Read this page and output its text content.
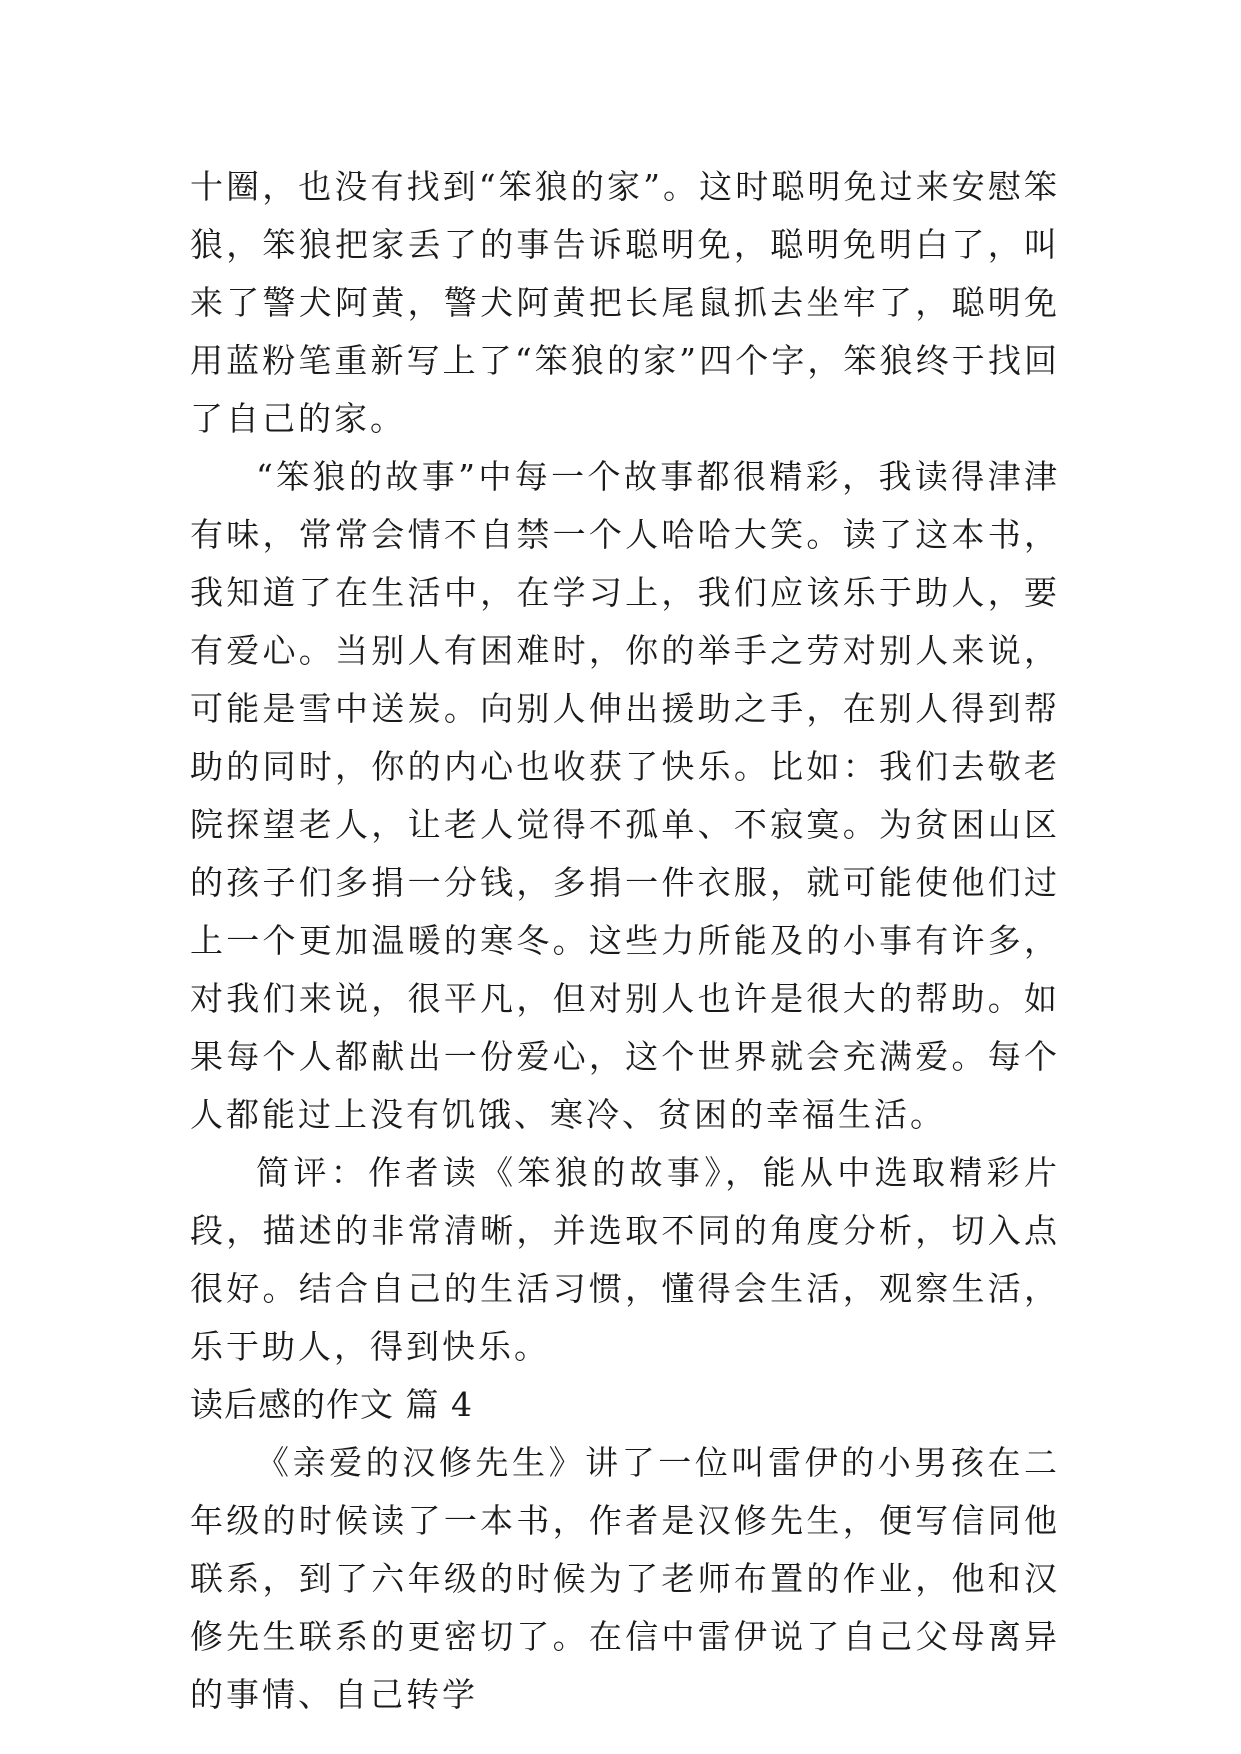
十圈，也没有找到“笨狼的家”。这时聪明免过来安慰笨狼，笨狼把家丢了的事告诉聪明免，聪明免明白了，叫来了警犬阿黄，警犬阿黄把长尾鼠抓去坐牢了，聪明免用蓝粉笔重新写上了“笨狼的家”四个字，笨狼终于找回了自己的家。

“笨狼的故事”中每一个故事都很精彩，我读得津津有味，常常会情不自禁一个人哈哈大笑。读了这本书，我知道了在生活中，在学习上，我们应该乐于助人，要有爱心。当别人有困难时，你的举手之劳对别人来说，可能是雪中送炭。向别人伸出援助之手，在别人得到帮助的同时，你的内心也收获了快乐。比如：我们去敬老院探望老人，让老人觉得不孤单、不寂寞。为贫困山区的孩子们多捐一分钱，多捐一件衣服，就可能使他们过上一个更加温暖的寒冬。这些力所能及的小事有许多，对我们来说，很平凡，但对别人也许是很大的帮助。如果每个人都献出一份爱心，这个世界就会充满爱。每个人都能过上没有饥饿、寒冷、贫困的幸福生活。

简评：作者读《笨狼的故事》，能从中选取精彩片段，描述的非常清晰，并选取不同的角度分析，切入点很好。结合自己的生活习惯，懂得会生活，观察生活，乐于助人，得到快乐。

读后感的作文 篇 4

《亲爱的汉修先生》讲了一位叫雷伊的小男孩在二年级的时候读了一本书，作者是汉修先生，便写信同他联系，到了六年级的时候为了老师布置的作业，他和汉修先生联系的更密切了。在信中雷伊说了自己父母离异的事情、自己转学
